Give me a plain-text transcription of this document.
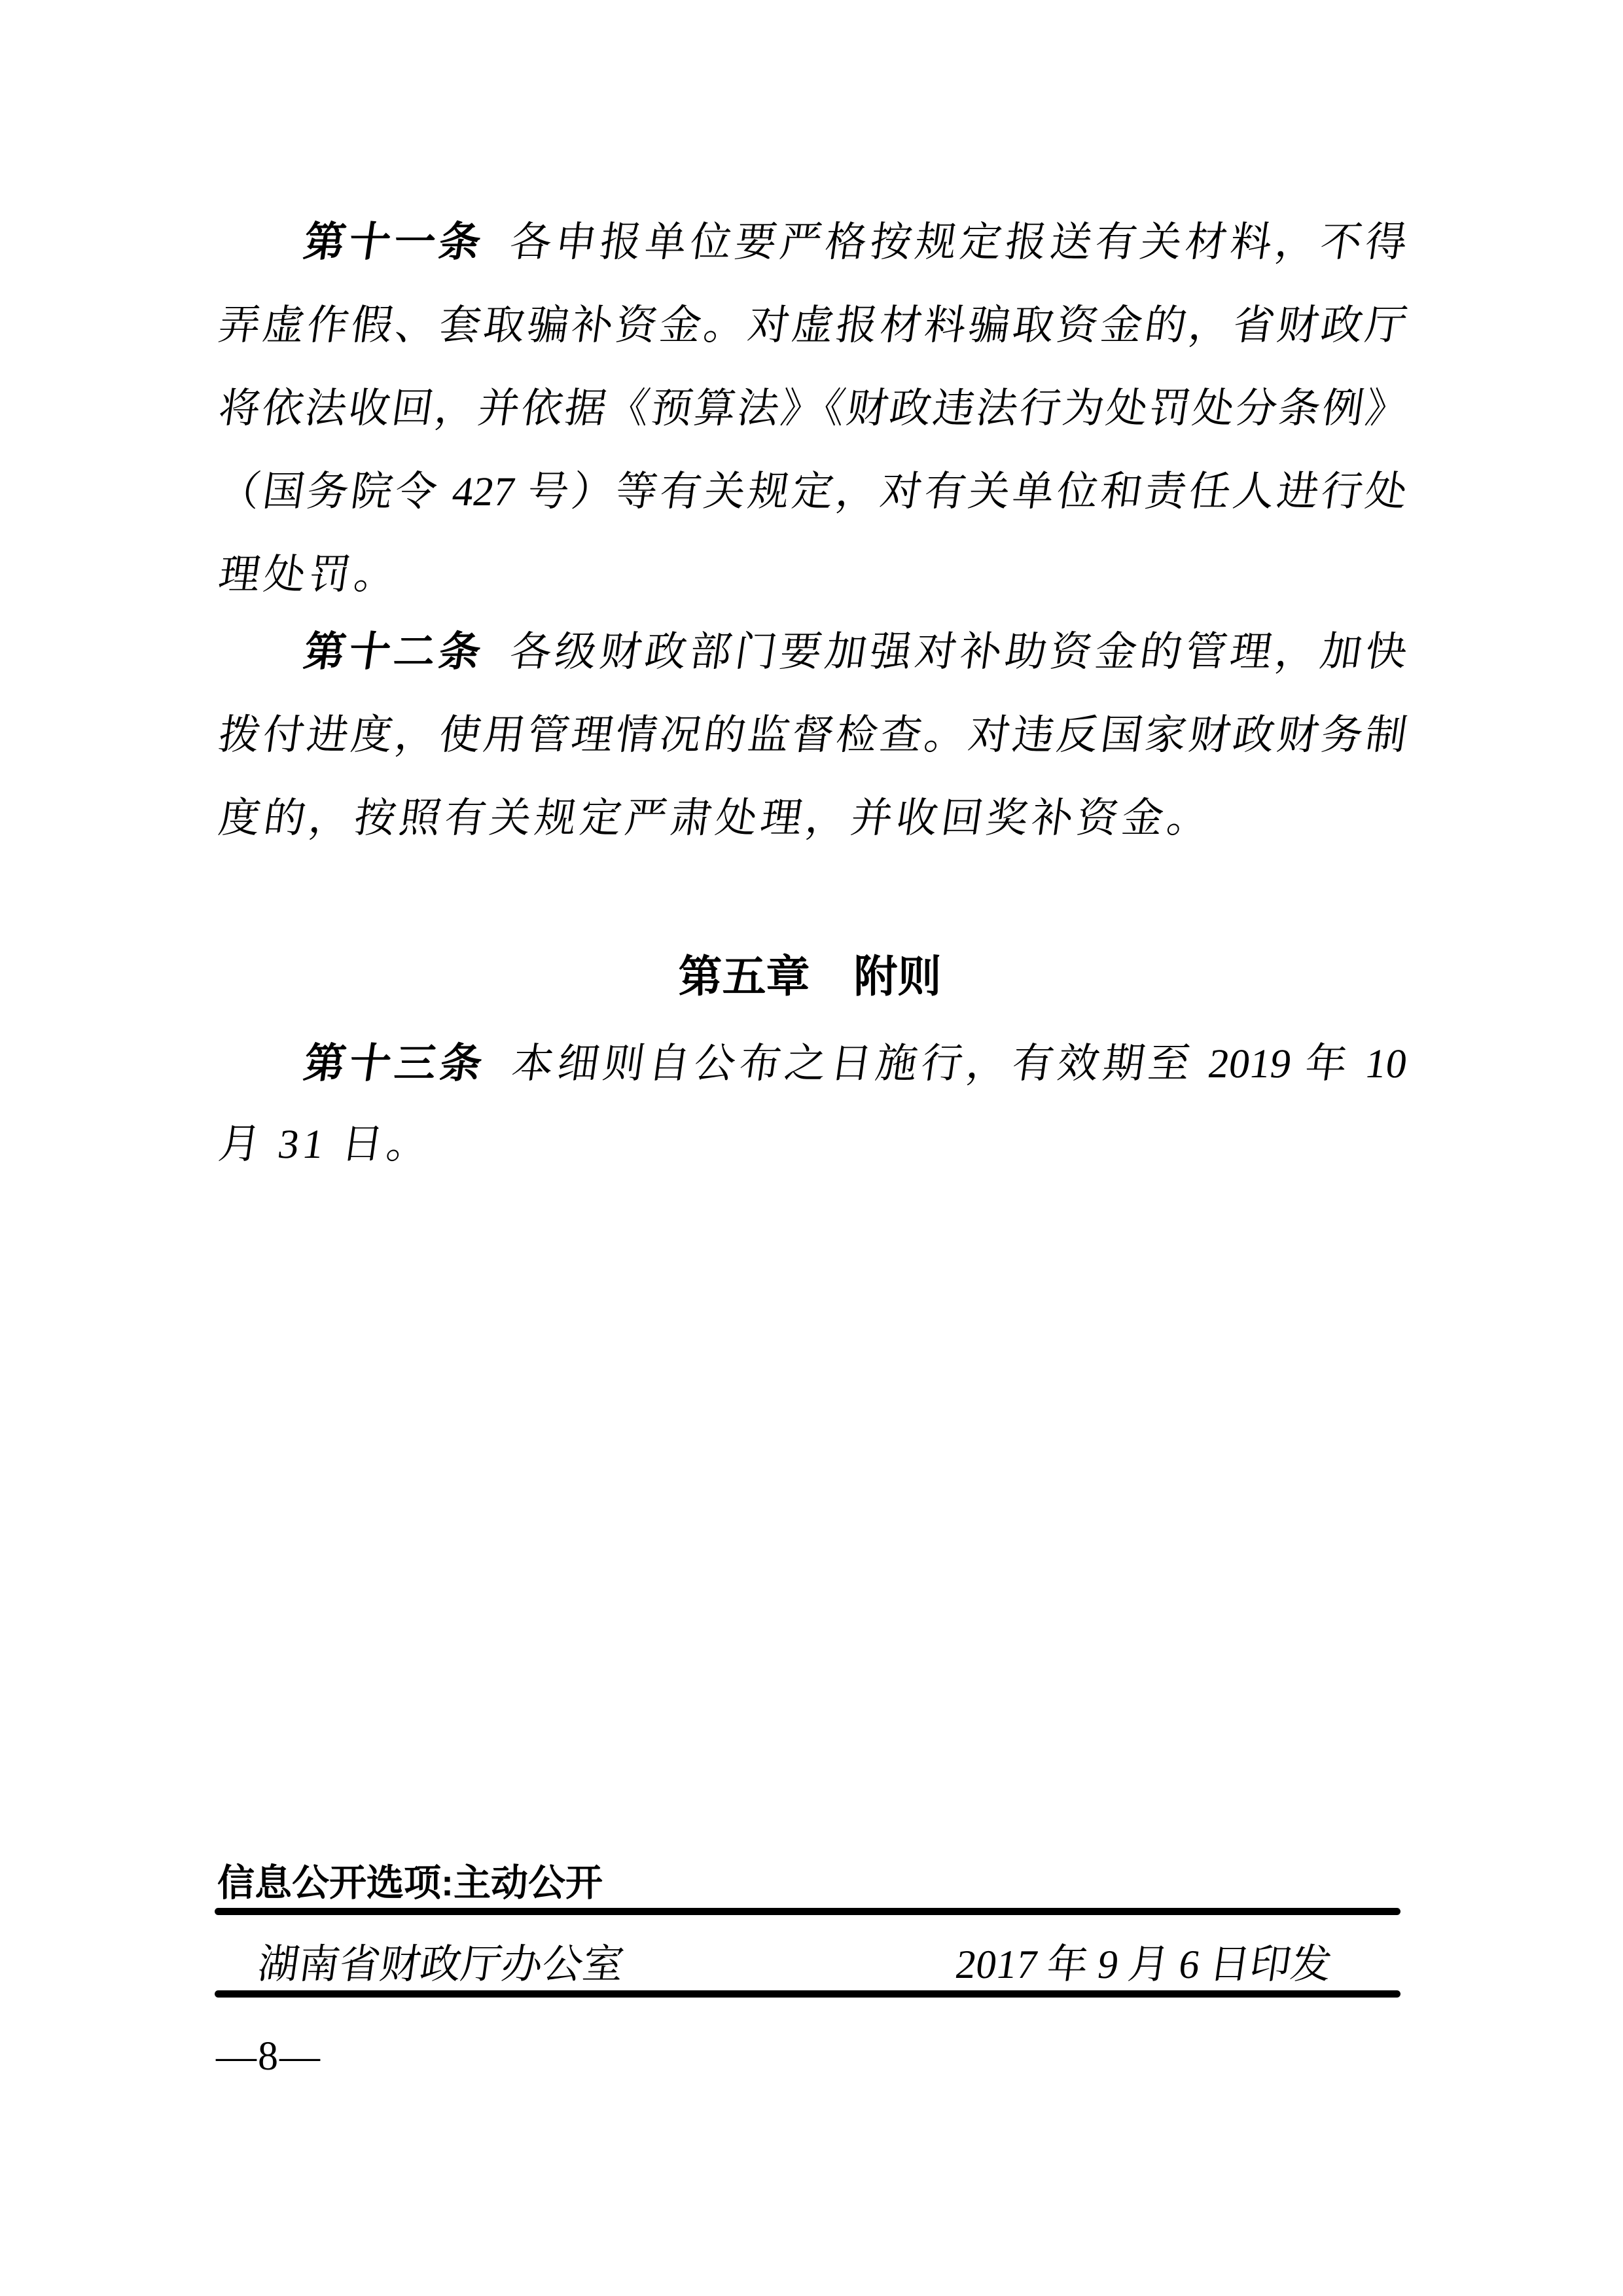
第十一条 各申报单位要严格按规定报送有关材料，不得
弄虚作假、套取骗补资金。对虚报材料骗取资金的，省财政厅
将依法收回，并依据《预算法》《财政违法行为处罚处分条例》
（国务院令 427 号）等有关规定，对有关单位和责任人进行处
理处罚。
第十二条 各级财政部门要加强对补助资金的管理，加快
拨付进度，使用管理情况的监督检查。对违反国家财政财务制
度的，按照有关规定严肃处理，并收回奖补资金。
第五章　附则
第十三条 本细则自公布之日施行，有效期至 2019 年 10
月 31 日。
信息公开选项:主动公开
湖南省财政厅办公室	2017 年 9 月 6 日印发
—8—
